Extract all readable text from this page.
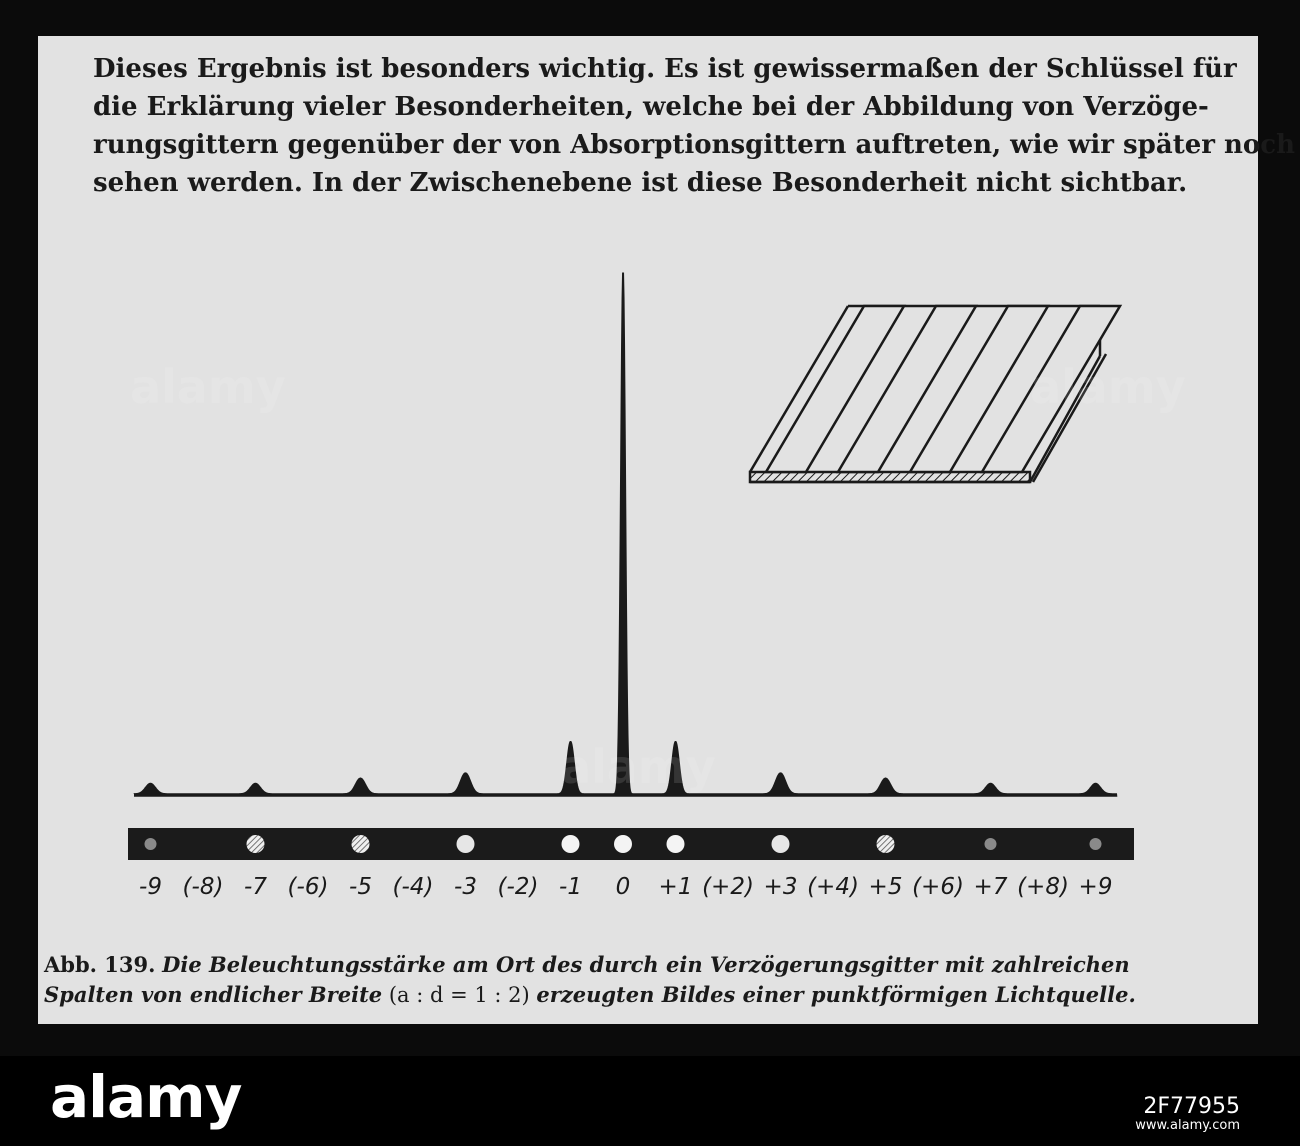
Dieses Ergebnis ist besonders wichtig. Es ist gewissermaßen der Schlüssel für
die Erklärung vieler Besonderheiten, welche bei der Abbildung von Verzöge-
rungsgittern gegenüber der von Absorptionsgittern auftreten, wie wir später noch
sehen werden. In der Zwischenebene ist diese Besonderheit nicht sichtbar.
-9 (-8) -7 (-6) -5 (-4) -3 (-2) -1 0 +1 (+2) +3 (+4) +5 (+6) +7 (+8) +9
Abb. 139. Die Beleuchtungsstärke am Ort des durch ein Verzögerungsgitter mit zahlreichen
Spalten von endlicher Breite (a : d = 1 : 2) erzeugten Bildes einer punktförmigen Lichtquelle.
alamy	alamy
alamy
alamy	2F77955
www.alamy.com
